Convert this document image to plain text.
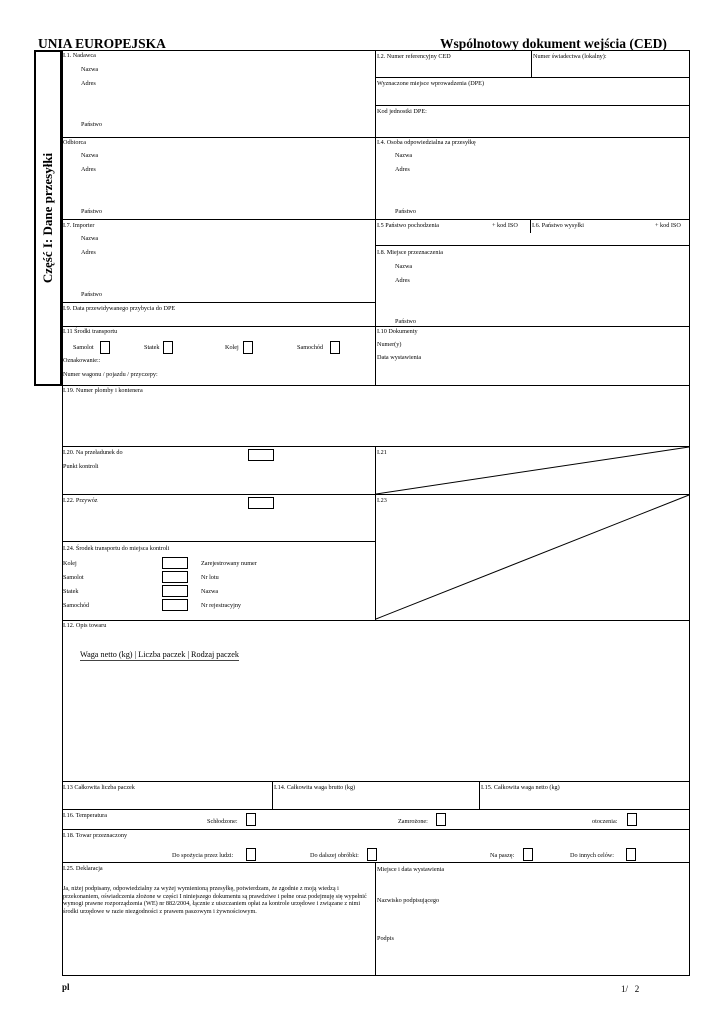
UNIA EUROPEJSKA	Wspólnotowy dokument wejścia (CED)
Część I: Dane przesyłki
I.1. Nadawca
Nazwa
Adres
Państwo
I.2. Numer referencyjny CED	Numer świadectwa (lokalny):
Wyznaczone miejsce wprowadzenia (DPE)
Kod jednostki DPE:
Odbiorca
Nazwa
Adres
Państwo
I.4. Osoba odpowiedzialna za przesyłkę
Nazwa
Adres
Państwo
I.7. Importer
Nazwa
Adres
Państwo
I.5 Państwo pochodzenia	+ kod ISO I.6. Państwo wysyłki	+ kod ISO
I.8. Miejsce przeznaczenia
Nazwa
Adres
Państwo
I.9. Data przewidywanego przybycia do DPE
I.11 Środki transportu
Samolot	Statek	Kolej	Samochód
Oznakowanie::
Numer wagonu / pojazdu / przyczepy:
I.10 Dokumenty
Numer(y)
Data wystawienia
I.19. Numer plomby i kontenera
I.20. Na przeładunek do
Punkt kontroli
I.21
I.22. Przywóz	I.23
I.24. Środek transportu do miejsca kontroli
Kolej	Zarejestrowany numer
Samolot	Nr lotu
Statek	Nazwa
Samochód	Nr rejestracyjny
I.12. Opis towaru
Waga netto (kg) | Liczba paczek | Rodzaj paczek
I.13 Całkowita liczba paczek	I.14. Całkowita waga brutto (kg)	I.15. Całkowita waga netto (kg)
I.16. Temperatura
Schłodzone:	Zamrożone:	otoczenia:
I.18. Towar przeznaczony
Do spożycia przez ludzi:	Do dalszej obróbki:	Na paszę:	Do innych celów:
I.25. Deklaracja
Ja, niżej podpisany, odpowiedzialny za wyżej wymienioną przesyłkę, potwierdzam, że zgodnie z moją wiedzą i przekonaniem, oświadczenia złożone w części I niniejszego dokumentu są prawdziwe i pełne oraz podejmuję się wypełnić wymogi prawne rozporządzenia (WE) nr 882/2004, łącznie z uiszczaniem opłat za kontrole urzędowe i związane z nimi środki urzędowe w razie niezgodności z prawem paszowym i żywnościowym.
Miejsce i data wystawienia
Nazwisko podpisującego
Podpis
pl	1/   2
